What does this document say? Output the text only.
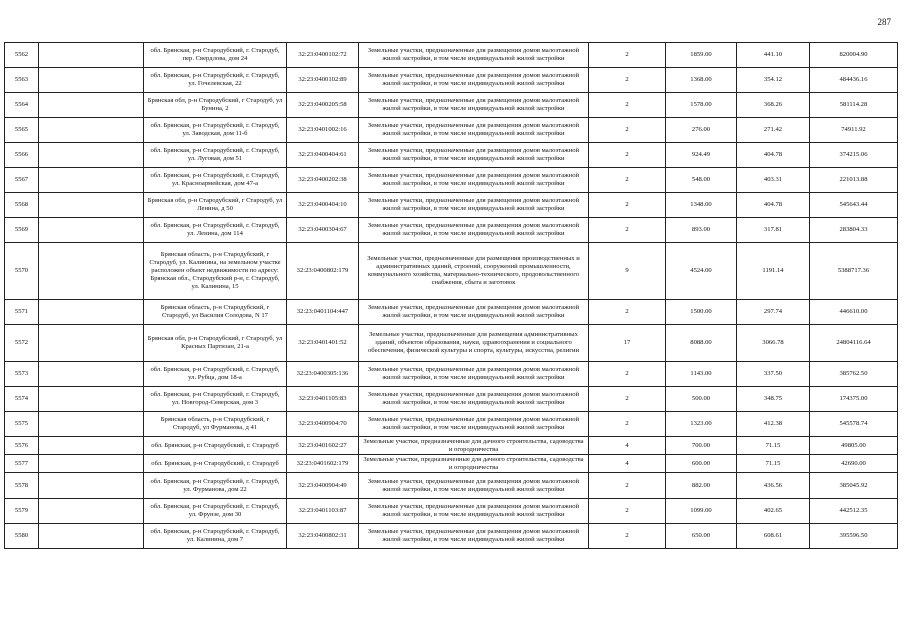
287
5562		обл. Брянская, р-н Стародубский, г. Стародуб, пер. Свердлова, дом 24	32:23:0400102:72	Земельные участки, предназначенные для размещения домов малоэтажной жилой застройки, в том числе индивидуальной жилой застройки	2	1859.00	441.10	820004.90
5563		обл. Брянская, р-н Стародубский, г. Стародуб, ул. Гочелевская, 22	32:23:0400102:89	Земельные участки, предназначенные для размещения домов малоэтажной жилой застройки, в том числе индивидуальной жилой застройки	2	1368.00	354.12	484436.16
5564		Брянская обл, р-н Стародубский, г Стародуб, ул Бунина, 2	32:23:0400205:58	Земельные участки, предназначенные для размещения домов малоэтажной жилой застройки, в том числе индивидуальной жилой застройки	2	1578.00	368.26	581114.28
5565		обл. Брянская, р-н Стародубский, г. Стародуб, ул. Заводская, дом 11-б	32:23:0401002:16	Земельные участки, предназначенные для размещения домов малоэтажной жилой застройки, в том числе индивидуальной жилой застройки	2	276.00	271.42	74911.92
5566		обл. Брянская, р-н Стародубский, г. Стародуб, ул. Луговая, дом 51	32:23:0400404:61	Земельные участки, предназначенные для размещения домов малоэтажной жилой застройки, в том числе индивидуальной жилой застройки	2	924.49	404.78	374215.06
5567		обл. Брянская, р-н Стародубский, г. Стародуб, ул. Красноармейская, дом 47-а	32:23:0400202:38	Земельные участки, предназначенные для размещения домов малоэтажной жилой застройки, в том числе индивидуальной жилой застройки	2	548.00	403.31	221013.88
5568		Брянская обл, р-н Стародубский, г Стародуб, ул Ленина, д 50	32:23:0400404:10	Земельные участки, предназначенные для размещения домов малоэтажной жилой застройки, в том числе индивидуальной жилой застройки	2	1348.00	404.78	545643.44
5569		обл. Брянская, р-н Стародубский, г. Стародуб, ул. Ленина, дом 114	32:23:0400304:67	Земельные участки, предназначенные для размещения домов малоэтажной жилой застройки, в том числе индивидуальной жилой застройки	2	893.00	317.81	283804.33
5570		Брянская область, р-н Стародубский, г Стародуб, ул. Калинина, на земельном участке расположен объект недвижимости по адресу: Брянская обл., Стародубский р-н, г. Стародуб, ул. Калинина, 15	32:23:0400802:179	Земельные участки, предназначенные для размещения производственных и административных зданий, строений, сооружений промышленности, коммунального хозяйства, материально-технического, продовольственного снабжения, сбыта и заготовок	9	4524.00	1191.14	5388717.36
5571		Брянская область, р-н Стародубский, г Стародуб, ул Василия Солодова, N 17	32:23:0401104:447	Земельные участки, предназначенные для размещения домов малоэтажной жилой застройки, в том числе индивидуальной жилой застройки	2	1500.00	297.74	446610.00
5572		Брянская обл, р-н Стародубский, г Стародуб, ул Красных Партизан, 21-а	32:23:0401401:52	Земельные участки, предназначенные для размещения административных зданий, объектов образования, науки, здравоохранения и социального обеспечения, физической культуры и спорта, культуры, искусства, религии	17	8088.00	3066.78	24804116.64
5573		обл. Брянская, р-н Стародубский, г. Стародуб, ул. Рубца, дом 18-а	32:23:0400305:136	Земельные участки, предназначенные для размещения домов малоэтажной жилой застройки, в том числе индивидуальной жилой застройки	2	1143.00	337.50	385762.50
5574		обл. Брянская, р-н Стародубский, г. Стародуб, ул. Новгород-Северская, дом 3	32:23:0401105:83	Земельные участки, предназначенные для размещения домов малоэтажной жилой застройки, в том числе индивидуальной жилой застройки	2	500.00	348.75	174375.00
5575		Брянская область, р-н Стародубский, г Стародуб, ул Фурманова, д 41	32:23:0400904:70	Земельные участки, предназначенные для размещения домов малоэтажной жилой застройки, в том числе индивидуальной жилой застройки	2	1323.00	412.38	545578.74
5576		обл. Брянская, р-н Стародубский, г. Стародуб	32:23:0401602:27	Земельные участки, предназначенные для дачного строительства, садоводства и огородничества	4	700.00	71.15	49805.00
5577		обл. Брянская, р-н Стародубский, г. Стародуб	32:23:0401602:179	Земельные участки, предназначенные для дачного строительства, садоводства и огородничества	4	600.00	71.15	42690.00
5578		обл. Брянская, р-н Стародубский, г. Стародуб, ул. Фурманова, дом 22	32:23:0400904:49	Земельные участки, предназначенные для размещения домов малоэтажной жилой застройки, в том числе индивидуальной жилой застройки	2	882.00	436.56	385045.92
5579		обл. Брянская, р-н Стародубский, г. Стародуб, ул. Фрунзе, дом 30	32:23:0401103:87	Земельные участки, предназначенные для размещения домов малоэтажной жилой застройки, в том числе индивидуальной жилой застройки	2	1099.00	402.65	442512.35
5580		обл. Брянская, р-н Стародубский, г. Стародуб, ул. Калинина, дом 7	32:23:0400802:31	Земельные участки, предназначенные для размещения домов малоэтажной жилой застройки, в том числе индивидуальной жилой застройки	2	650.00	608.61	395596.50
